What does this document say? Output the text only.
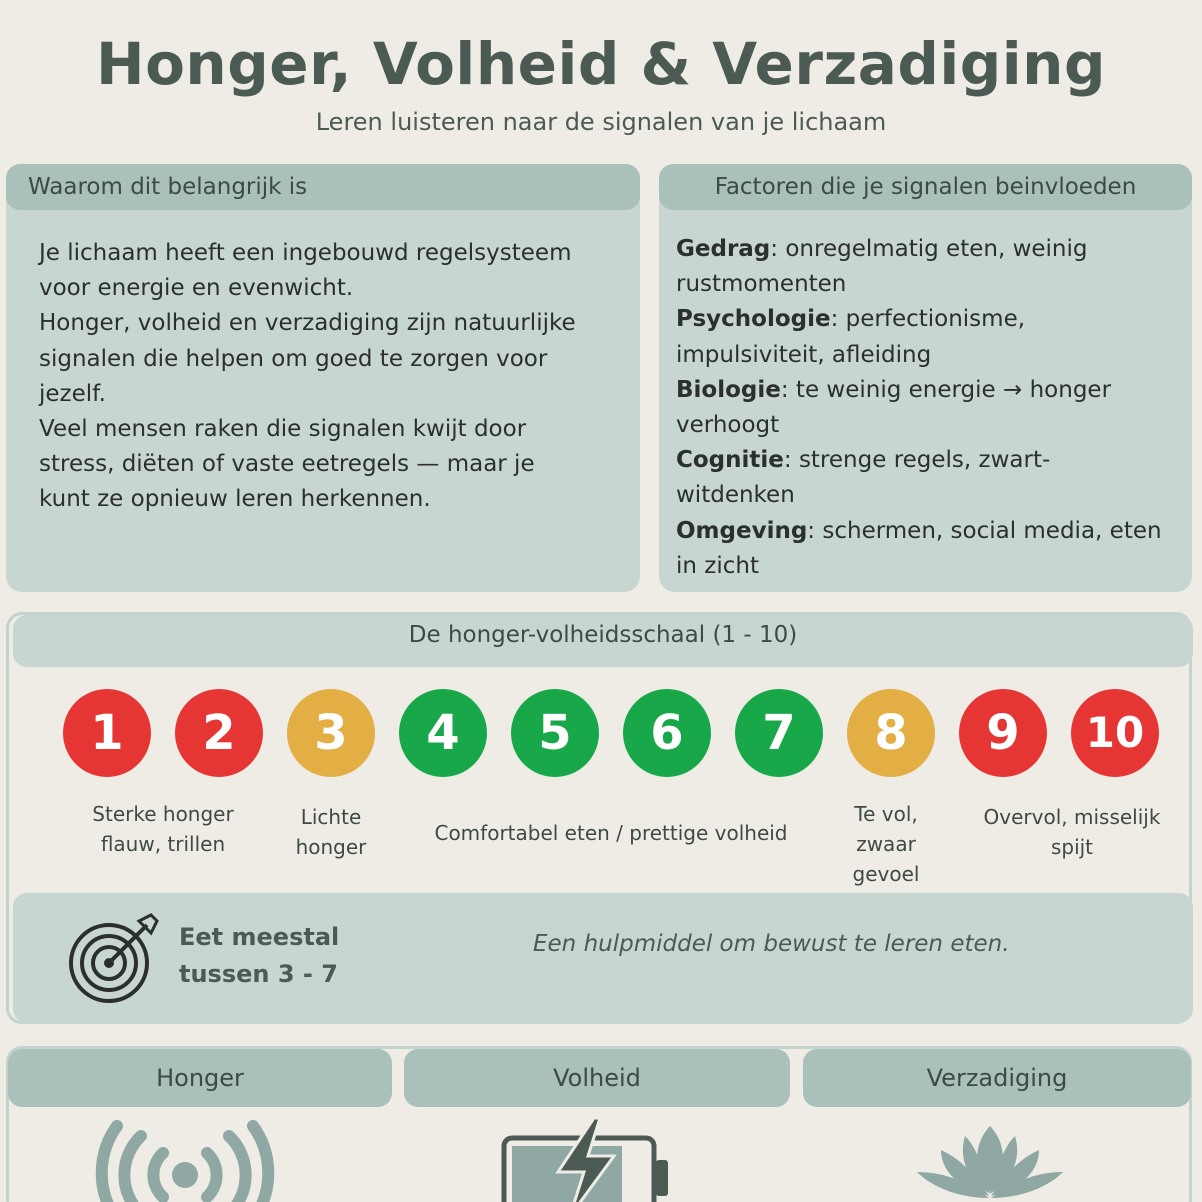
Honger, Volheid & Verzadiging
Leren luisteren naar de signalen van je lichaam
Waarom dit belangrijk is
Je lichaam heeft een ingebouwd regelsysteem
voor energie en evenwicht.
Honger, volheid en verzadiging zijn natuurlijke
signalen die helpen om goed te zorgen voor
jezelf.
Veel mensen raken die signalen kwijt door
stress, diëten of vaste eetregels — maar je
kunt ze opnieuw leren herkennen.
Factoren die je signalen beinvloeden
Gedrag: onregelmatig eten, weinig
rustmomenten
Psychologie: perfectionisme,
impulsiviteit, afleiding
Biologie: te weinig energie → honger
verhoogt
Cognitie: strenge regels, zwart-
witdenken
Omgeving: schermen, social media, eten
in zicht
De honger-volheidsschaal (1 - 10)
1	2	3	4	5	6	7	8	9	10
Sterke honger
flauw, trillen
Lichte
honger
Comfortabel eten / prettige volheid
Te vol,
zwaar
gevoel
Overvol, misselijk
spijt
Eet meestal
tussen 3 - 7
Een hulpmiddel om bewust te leren eten.
Honger	Volheid	Verzadiging
